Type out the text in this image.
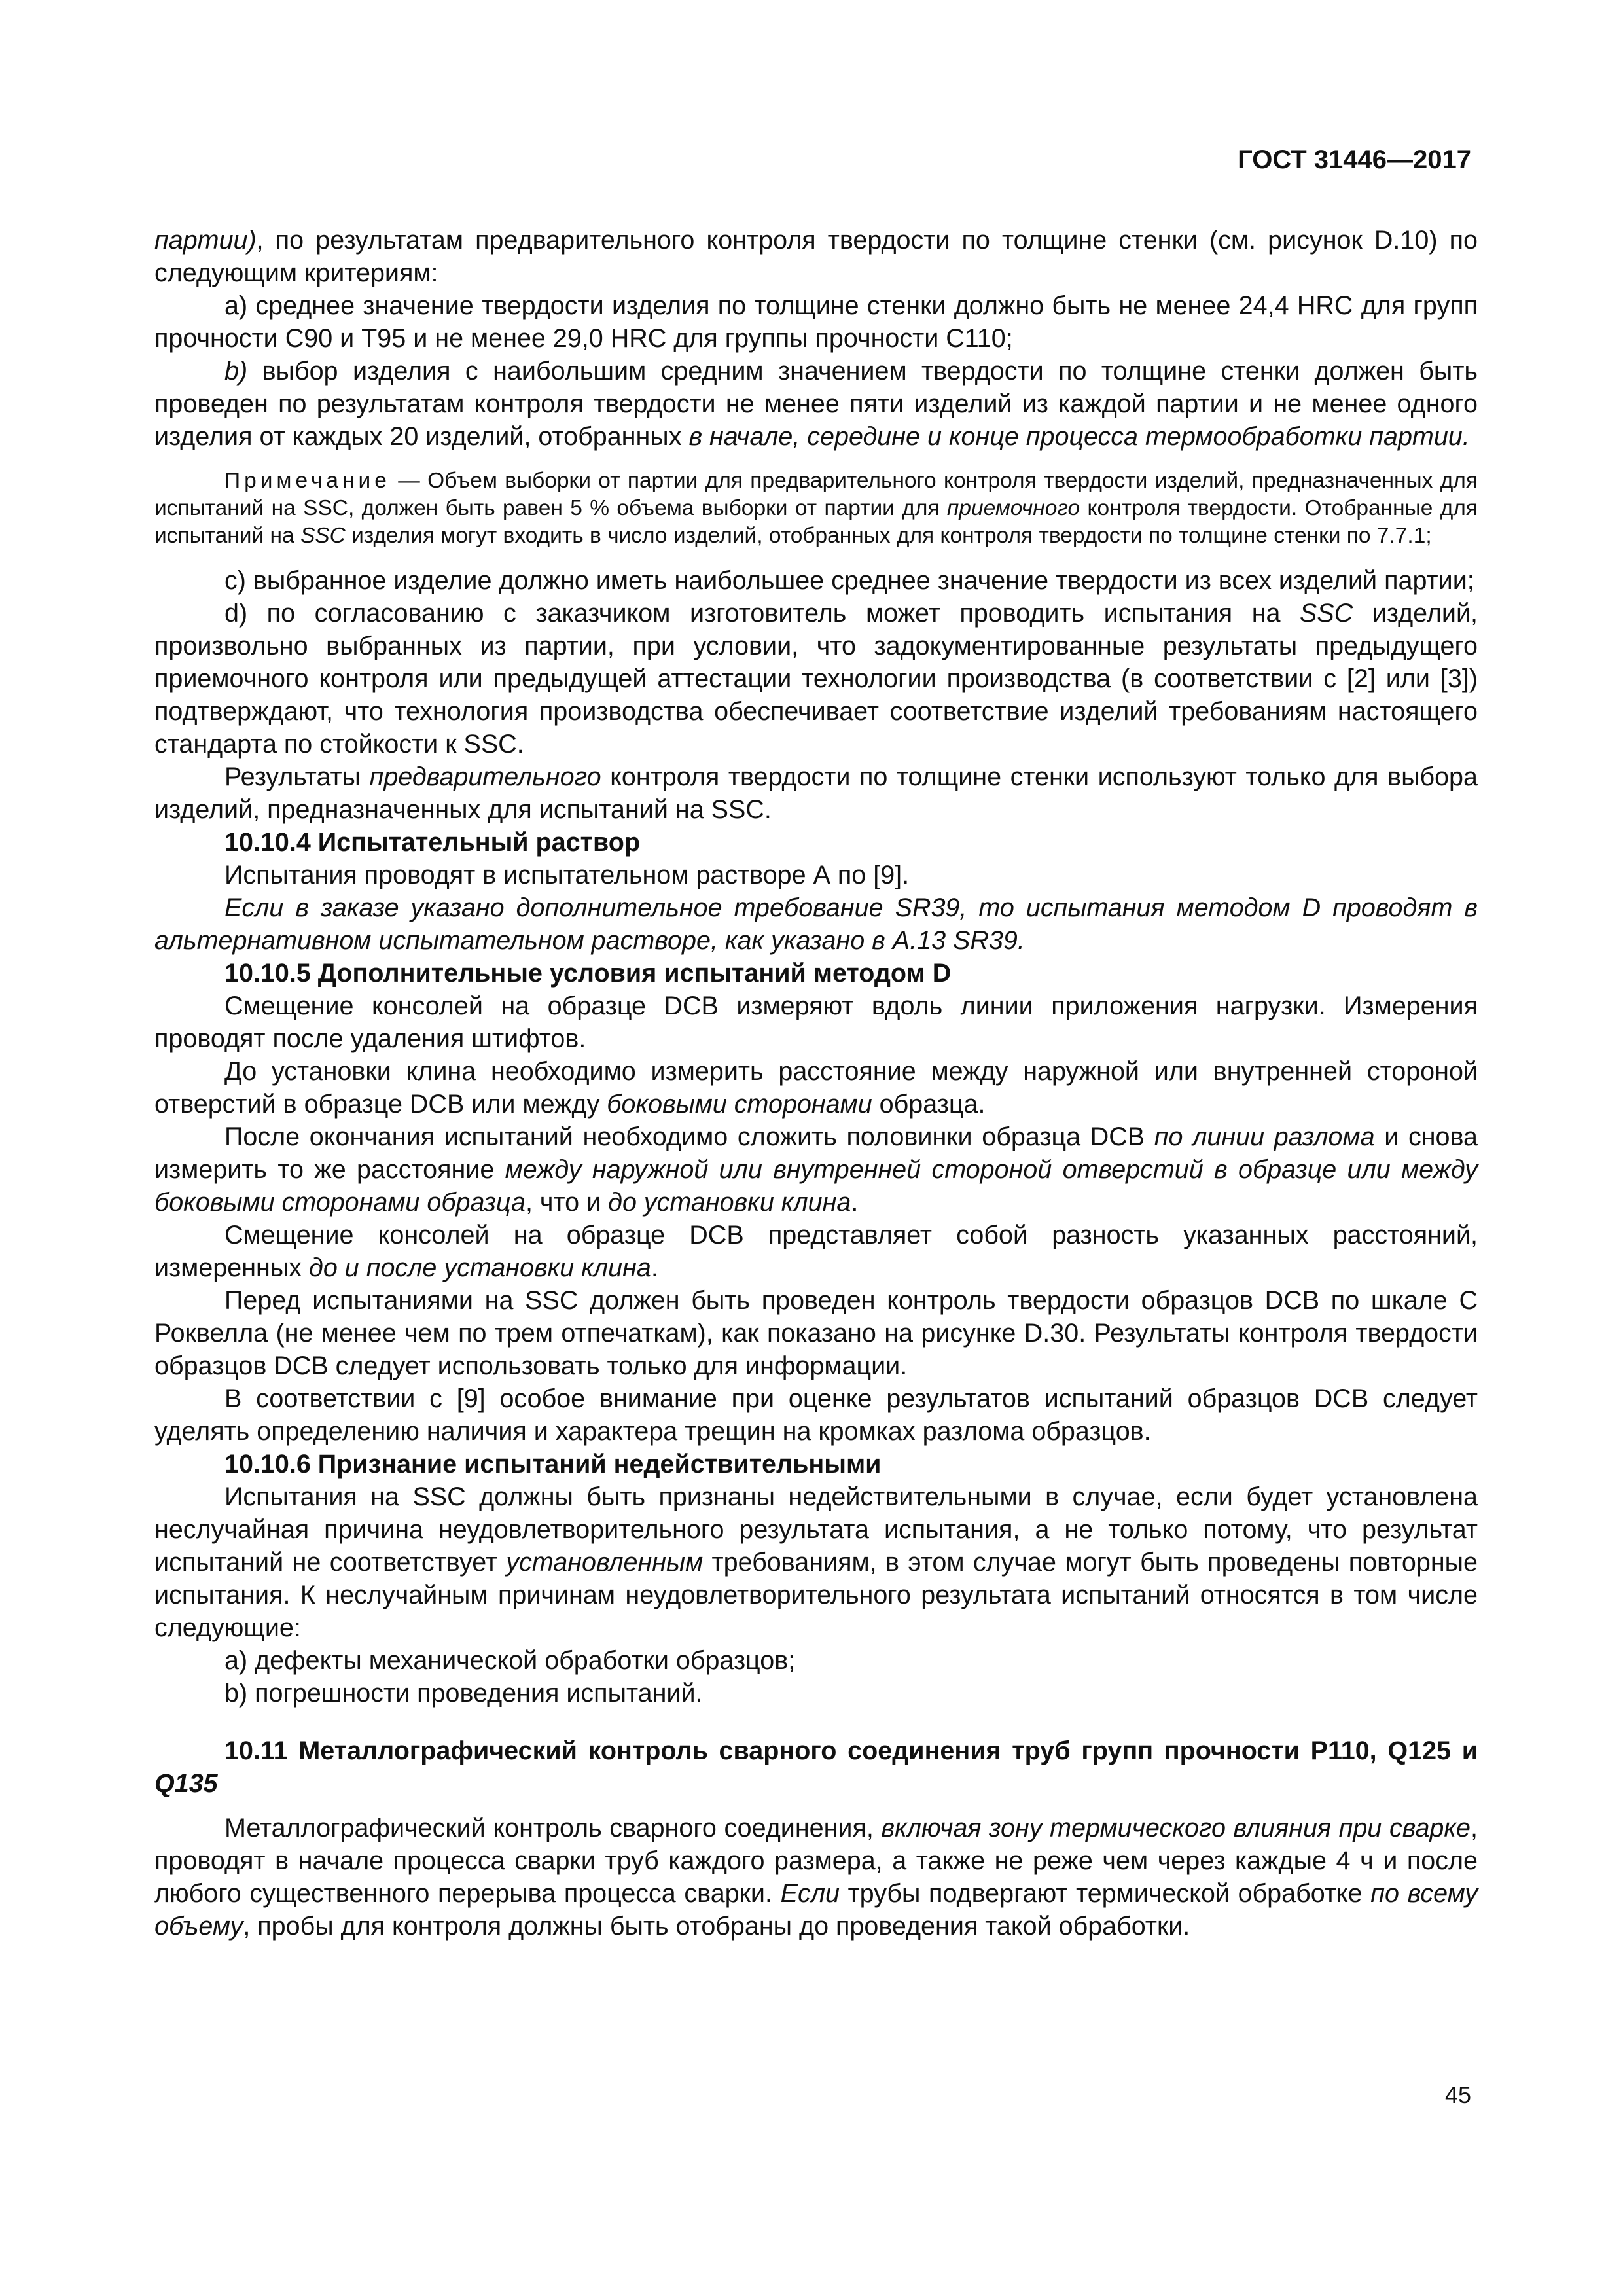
ГОСТ 31446—2017

партии), по результатам предварительного контроля твердости по толщине стенки (см. рисунок D.10) по следующим критериям:

a) среднее значение твердости изделия по толщине стенки должно быть не менее 24,4 HRC для групп прочности С90 и Т95 и не менее 29,0 HRC для группы прочности С110;

b) выбор изделия с наибольшим средним значением твердости по толщине стенки должен быть проведен по результатам контроля твердости не менее пяти изделий из каждой партии и не менее одного изделия от каждых 20 изделий, отобранных в начале, середине и конце процесса термообработки партии.

Примечание — Объем выборки от партии для предварительного контроля твердости изделий, предназначенных для испытаний на SSC, должен быть равен 5 % объема выборки от партии для приемочного контроля твердости. Отобранные для испытаний на SSC изделия могут входить в число изделий, отобранных для контроля твердости по толщине стенки по 7.7.1;

c) выбранное изделие должно иметь наибольшее среднее значение твердости из всех изделий партии;

d) по согласованию с заказчиком изготовитель может проводить испытания на SSC изделий, произвольно выбранных из партии, при условии, что задокументированные результаты предыдущего приемочного контроля или предыдущей аттестации технологии производства (в соответствии с [2] или [3]) подтверждают, что технология производства обеспечивает соответствие изделий требованиям настоящего стандарта по стойкости к SSC.

Результаты предварительного контроля твердости по толщине стенки используют только для выбора изделий, предназначенных для испытаний на SSC.

10.10.4 Испытательный раствор

Испытания проводят в испытательном растворе А по [9].

Если в заказе указано дополнительное требование SR39, то испытания методом D проводят в альтернативном испытательном растворе, как указано в А.13 SR39.

10.10.5 Дополнительные условия испытаний методом D

Смещение консолей на образце DCB измеряют вдоль линии приложения нагрузки. Измерения проводят после удаления штифтов.

До установки клина необходимо измерить расстояние между наружной или внутренней стороной отверстий в образце DCB или между боковыми сторонами образца.

После окончания испытаний необходимо сложить половинки образца DCB по линии разлома и снова измерить то же расстояние между наружной или внутренней стороной отверстий в образце или между боковыми сторонами образца, что и до установки клина.

Смещение консолей на образце DCB представляет собой разность указанных расстояний, измеренных до и после установки клина.

Перед испытаниями на SSC должен быть проведен контроль твердости образцов DCB по шкале С Роквелла (не менее чем по трем отпечаткам), как показано на рисунке D.30. Результаты контроля твердости образцов DCB следует использовать только для информации.

В соответствии с [9] особое внимание при оценке результатов испытаний образцов DCB следует уделять определению наличия и характера трещин на кромках разлома образцов.

10.10.6 Признание испытаний недействительными

Испытания на SSC должны быть признаны недействительными в случае, если будет установлена неслучайная причина неудовлетворительного результата испытания, а не только потому, что результат испытаний не соответствует установленным требованиям, в этом случае могут быть проведены повторные испытания. К неслучайным причинам неудовлетворительного результата испытаний относятся в том числе следующие:

a) дефекты механической обработки образцов;

b) погрешности проведения испытаний.

10.11 Металлографический контроль сварного соединения труб групп прочности Р110, Q125 и Q135

Металлографический контроль сварного соединения, включая зону термического влияния при сварке, проводят в начале процесса сварки труб каждого размера, а также не реже чем через каждые 4 ч и после любого существенного перерыва процесса сварки. Если трубы подвергают термической обработке по всему объему, пробы для контроля должны быть отобраны до проведения такой обработки.

45
